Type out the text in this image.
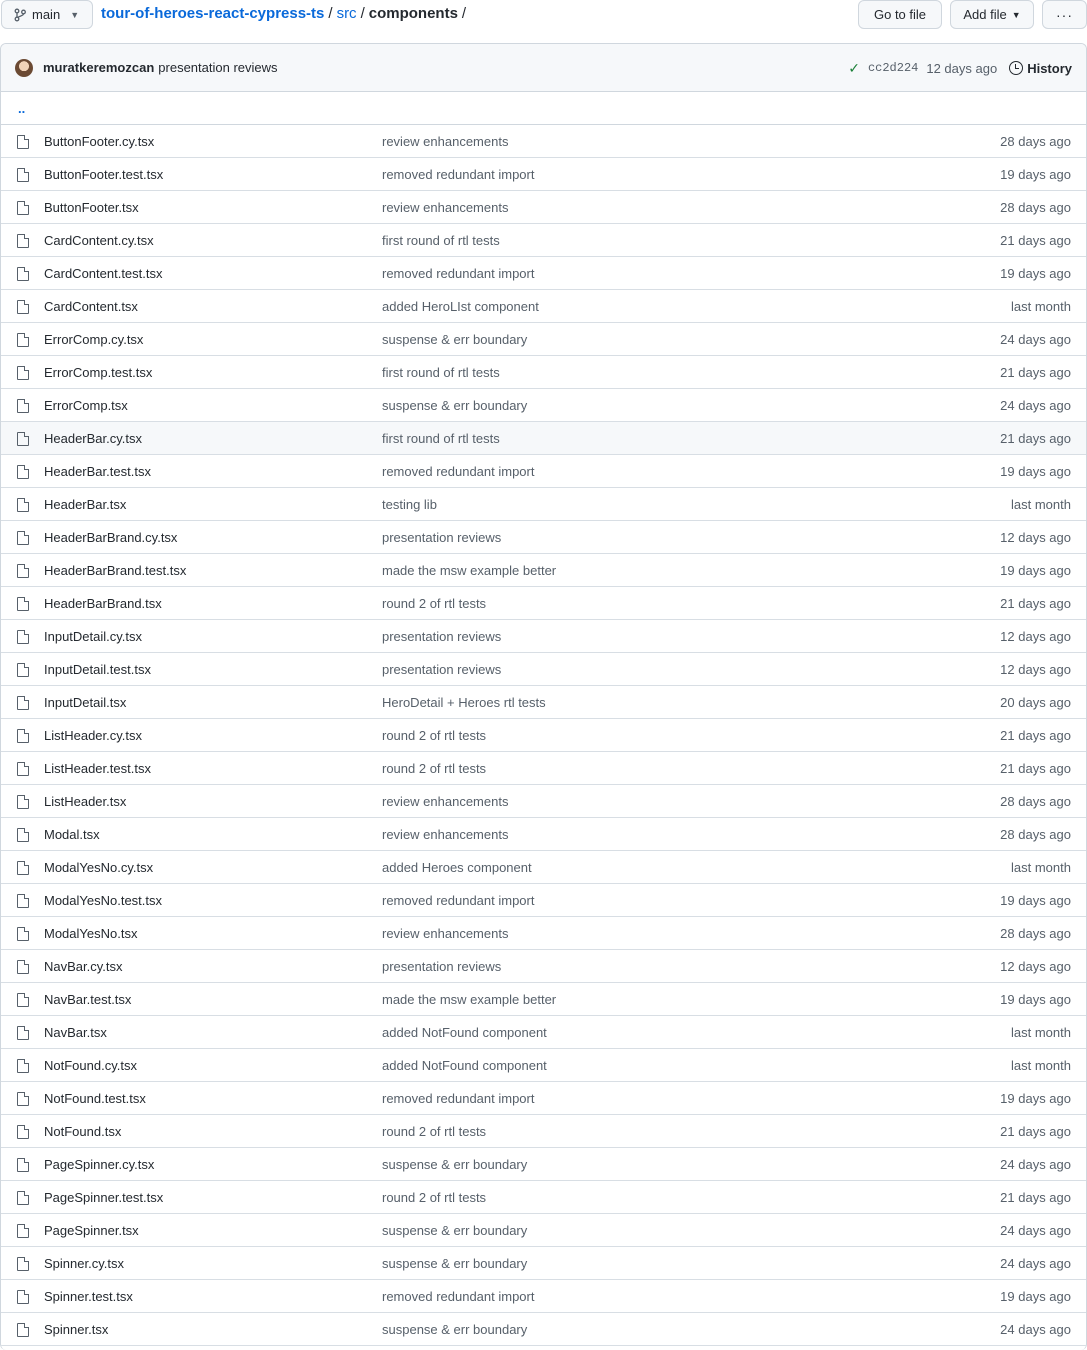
main ▼ tour-of-heroes-react-cypress-ts / src / components /	Go to file	Add file ▼	···
muratkeremozcan presentation reviews	✓ cc2d224 12 days ago History
..
ButtonFooter.cy.tsx	review enhancements	28 days ago
ButtonFooter.test.tsx	removed redundant import	19 days ago
ButtonFooter.tsx	review enhancements	28 days ago
CardContent.cy.tsx	first round of rtl tests	21 days ago
CardContent.test.tsx	removed redundant import	19 days ago
CardContent.tsx	added HeroLIst component	last month
ErrorComp.cy.tsx	suspense & err boundary	24 days ago
ErrorComp.test.tsx	first round of rtl tests	21 days ago
ErrorComp.tsx	suspense & err boundary	24 days ago
HeaderBar.cy.tsx	first round of rtl tests	21 days ago
HeaderBar.test.tsx	removed redundant import	19 days ago
HeaderBar.tsx	testing lib	last month
HeaderBarBrand.cy.tsx	presentation reviews	12 days ago
HeaderBarBrand.test.tsx	made the msw example better	19 days ago
HeaderBarBrand.tsx	round 2 of rtl tests	21 days ago
InputDetail.cy.tsx	presentation reviews	12 days ago
InputDetail.test.tsx	presentation reviews	12 days ago
InputDetail.tsx	HeroDetail + Heroes rtl tests	20 days ago
ListHeader.cy.tsx	round 2 of rtl tests	21 days ago
ListHeader.test.tsx	round 2 of rtl tests	21 days ago
ListHeader.tsx	review enhancements	28 days ago
Modal.tsx	review enhancements	28 days ago
ModalYesNo.cy.tsx	added Heroes component	last month
ModalYesNo.test.tsx	removed redundant import	19 days ago
ModalYesNo.tsx	review enhancements	28 days ago
NavBar.cy.tsx	presentation reviews	12 days ago
NavBar.test.tsx	made the msw example better	19 days ago
NavBar.tsx	added NotFound component	last month
NotFound.cy.tsx	added NotFound component	last month
NotFound.test.tsx	removed redundant import	19 days ago
NotFound.tsx	round 2 of rtl tests	21 days ago
PageSpinner.cy.tsx	suspense & err boundary	24 days ago
PageSpinner.test.tsx	round 2 of rtl tests	21 days ago
PageSpinner.tsx	suspense & err boundary	24 days ago
Spinner.cy.tsx	suspense & err boundary	24 days ago
Spinner.test.tsx	removed redundant import	19 days ago
Spinner.tsx	suspense & err boundary	24 days ago
